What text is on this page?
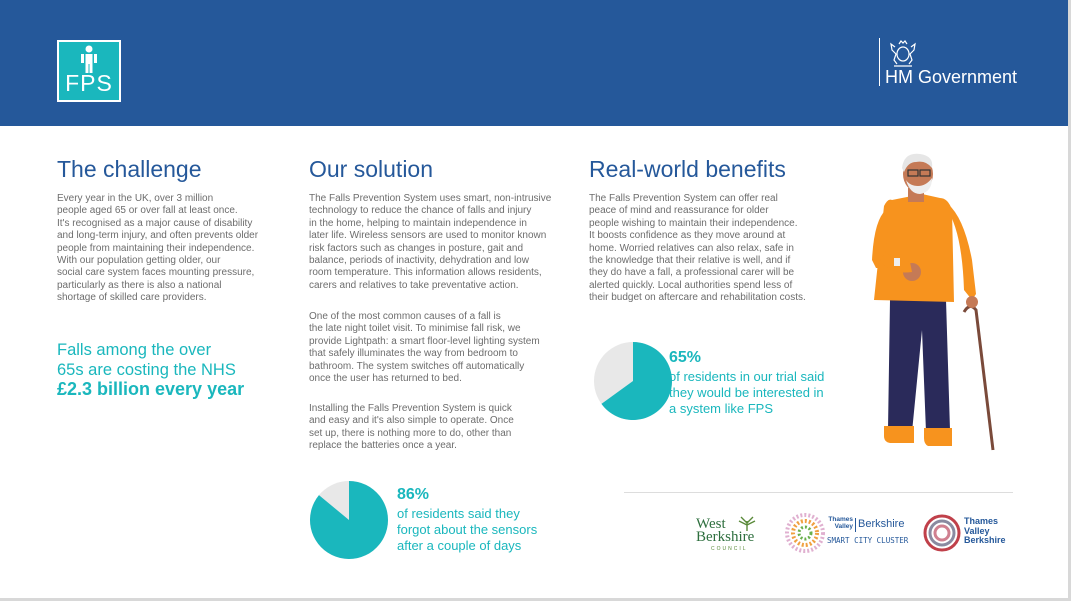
FPS	HM Government
The challenge
Every year in the UK, over 3 million
people aged 65 or over fall at least once.
It's recognised as a major cause of disability
and long-term injury, and often prevents older
people from maintaining their independence.
With our population getting older, our
social care system faces mounting pressure,
particularly as there is also a national
shortage of skilled care providers.
Falls among the over
65s are costing the NHS
£2.3 billion every year
Our solution
The Falls Prevention System uses smart, non-intrusive
technology to reduce the chance of falls and injury
in the home, helping to maintain independence in
later life. Wireless sensors are used to monitor known
risk factors such as changes in posture, gait and
balance, periods of inactivity, dehydration and low
room temperature. This information allows residents,
carers and relatives to take preventative action.
One of the most common causes of a fall is
the late night toilet visit. To minimise fall risk, we
provide Lightpath: a smart floor-level lighting system
that safely illuminates the way from bedroom to
bathroom. The system switches off automatically
once the user has returned to bed.
Installing the Falls Prevention System is quick
and easy and it's also simple to operate. Once
set up, there is nothing more to do, other than
replace the batteries once a year.
86%
of residents said they
forgot about the sensors
after a couple of days
Real-world benefits
The Falls Prevention System can offer real
peace of mind and reassurance for older
people wishing to maintain their independence.
It boosts confidence as they move around at
home. Worried relatives can also relax, safe in
the knowledge that their relative is well, and if
they do have a fall, a professional carer will be
alerted quickly. Local authorities spend less of
their budget on aftercare and rehabilitation costs.
65%
of residents in our trial said
they would be interested in
a system like FPS
West
Berkshire
COUNCIL
Thames
Valley Berkshire
SMART CITY CLUSTER
Thames
Valley
Berkshire
